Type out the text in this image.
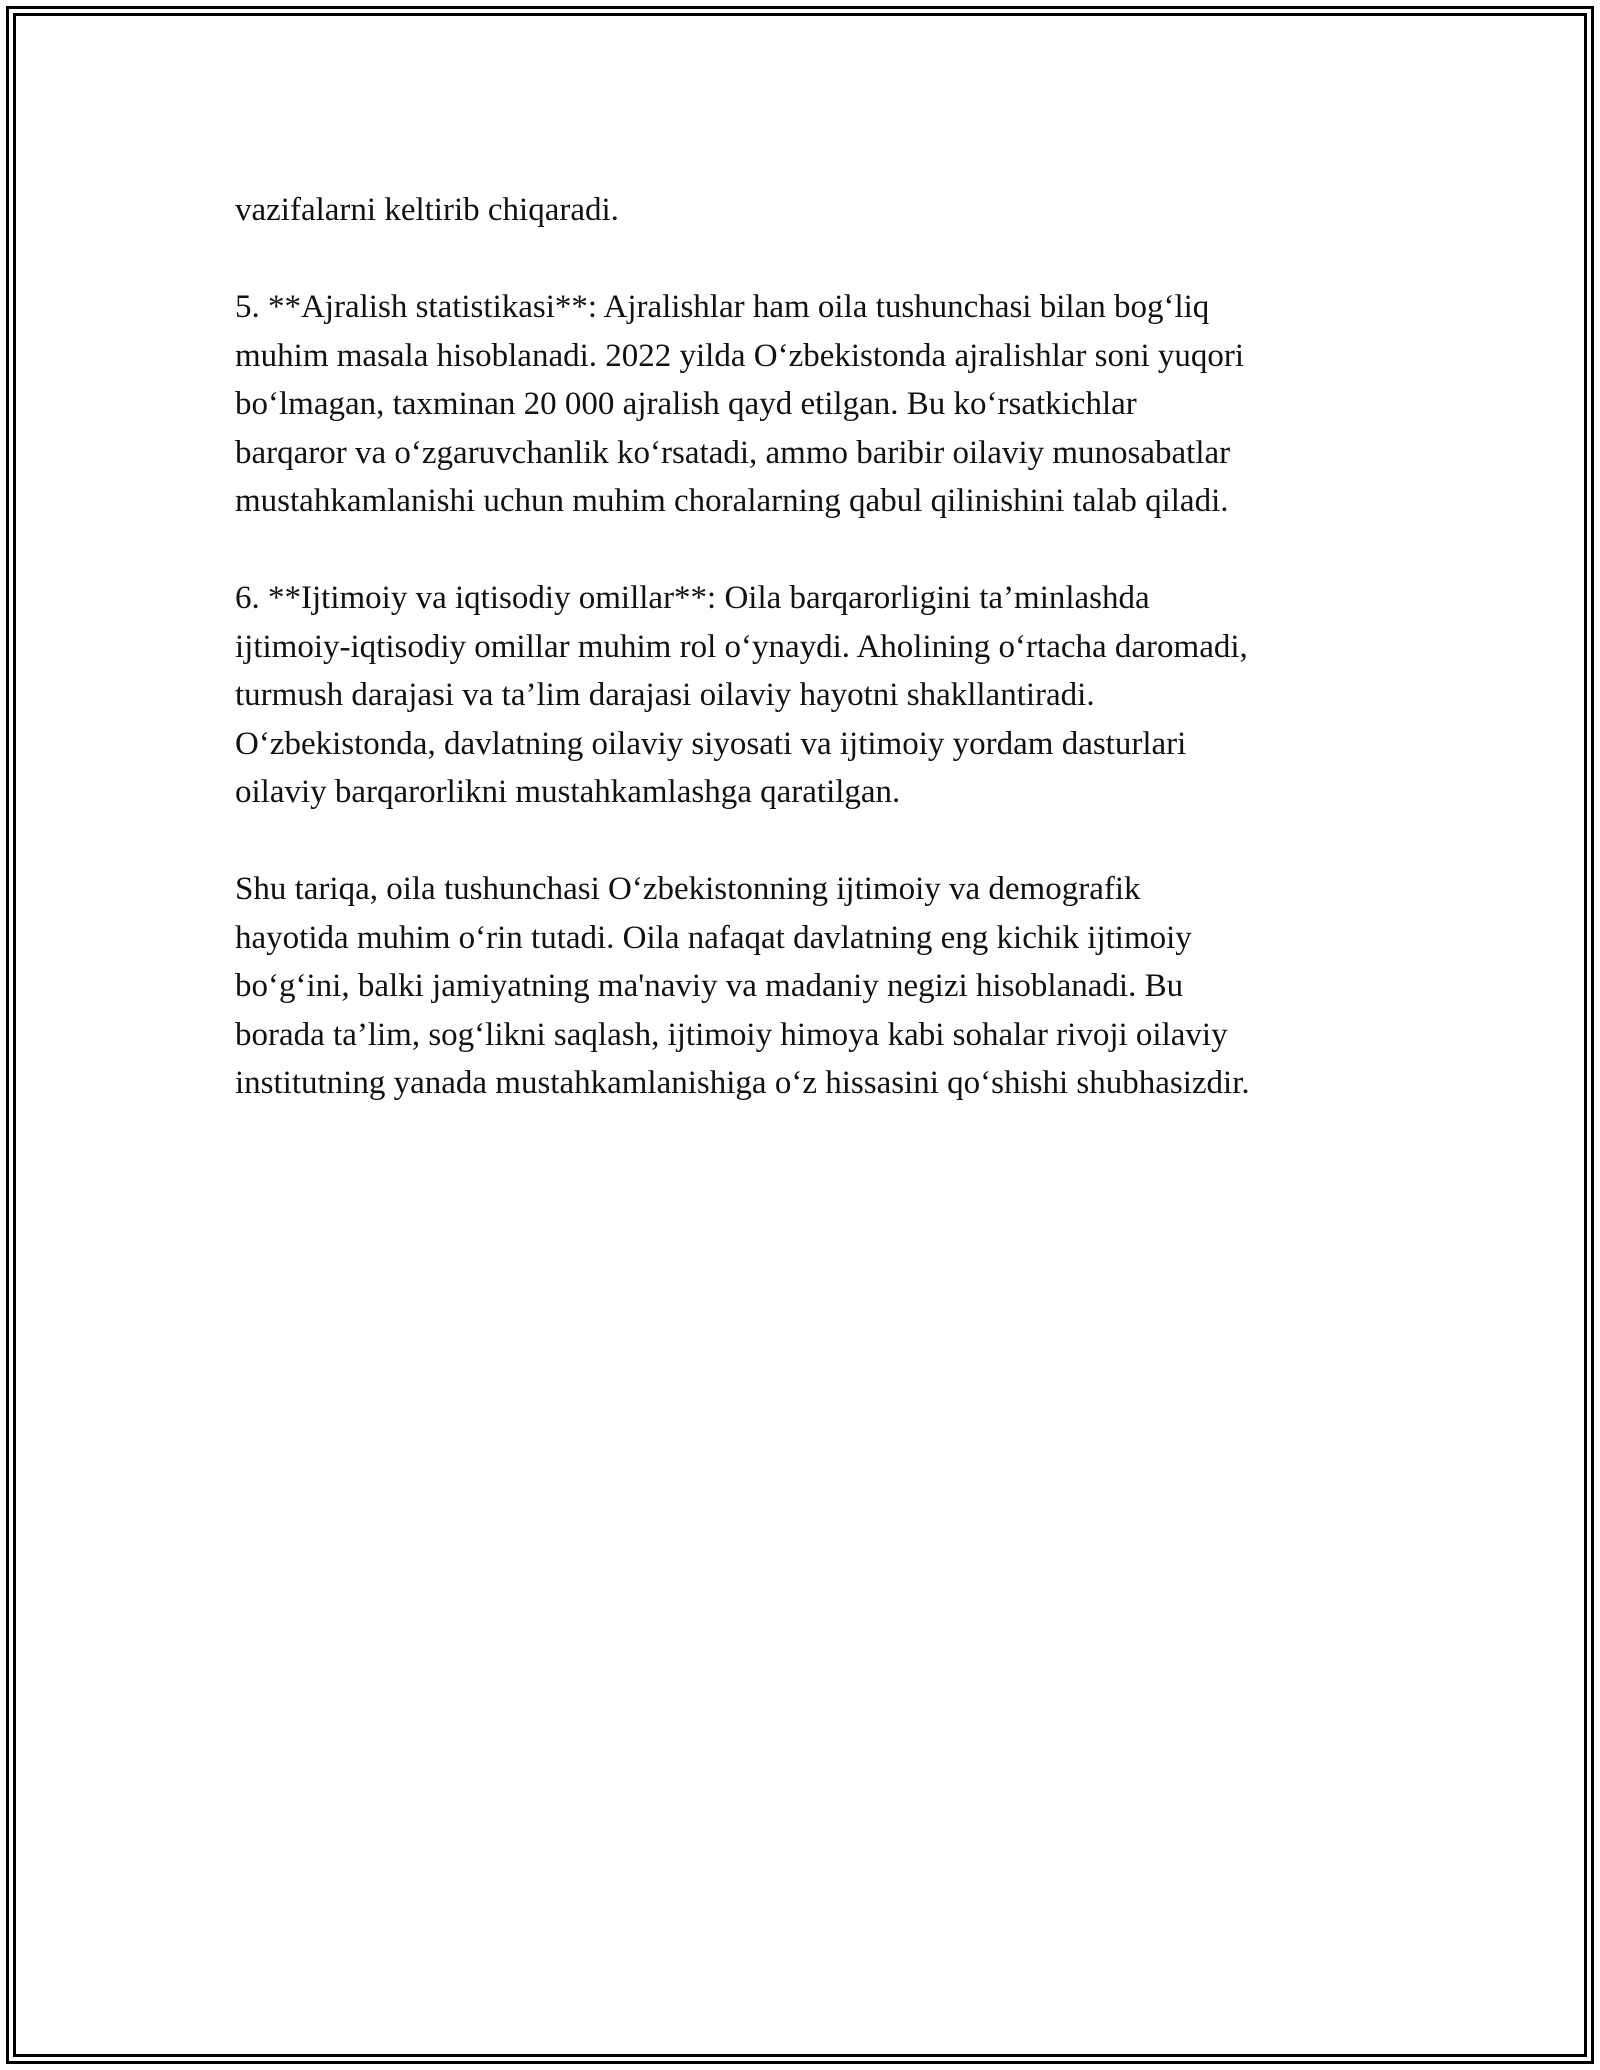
vazifalarni keltirib chiqaradi.
5. **Ajralish statistikasi**: Ajralishlar ham oila tushunchasi bilan bog‘liq
muhim masala hisoblanadi. 2022 yilda O‘zbekistonda ajralishlar soni yuqori
bo‘lmagan, taxminan 20 000 ajralish qayd etilgan. Bu ko‘rsatkichlar
barqaror va o‘zgaruvchanlik ko‘rsatadi, ammo baribir oilaviy munosabatlar
mustahkamlanishi uchun muhim choralarning qabul qilinishini talab qiladi.
6. **Ijtimoiy va iqtisodiy omillar**: Oila barqarorligini ta’minlashda
ijtimoiy-iqtisodiy omillar muhim rol o‘ynaydi. Aholining o‘rtacha daromadi,
turmush darajasi va ta’lim darajasi oilaviy hayotni shakllantiradi.
O‘zbekistonda, davlatning oilaviy siyosati va ijtimoiy yordam dasturlari
oilaviy barqarorlikni mustahkamlashga qaratilgan.
Shu tariqa, oila tushunchasi O‘zbekistonning ijtimoiy va demografik
hayotida muhim o‘rin tutadi. Oila nafaqat davlatning eng kichik ijtimoiy
bo‘g‘ini, balki jamiyatning ma'naviy va madaniy negizi hisoblanadi. Bu
borada ta’lim, sog‘likni saqlash, ijtimoiy himoya kabi sohalar rivoji oilaviy
institutning yanada mustahkamlanishiga o‘z hissasini qo‘shishi shubhasizdir.
